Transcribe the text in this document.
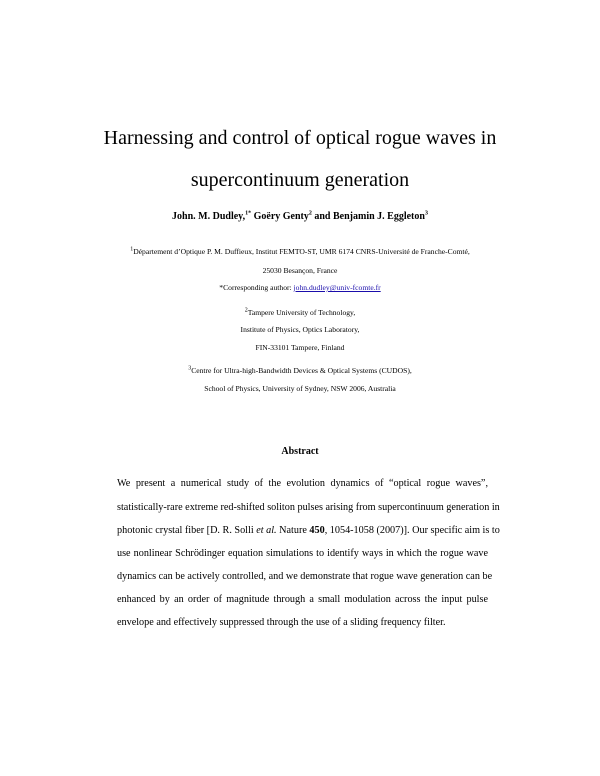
Harnessing and control of optical rogue waves in
supercontinuum generation
John. M. Dudley,$^{1*}$ Goëry Genty$^2$ and Benjamin J. Eggleton$^3$
$^1$Département d’Optique P. M. Duffieux, Institut FEMTO-ST, UMR 6174 CNRS-Université de Franche-Comté,
25030 Besançon, France
*Corresponding author: john.dudley@univ-fcomte.fr
$^2$Tampere University of Technology,
Institute of Physics, Optics Laboratory,
FIN-33101 Tampere, Finland
$^3$Centre for Ultra-high-Bandwidth Devices & Optical Systems (CUDOS),
School of Physics, University of Sydney, NSW 2006, Australia
Abstract
We present a numerical study of the evolution dynamics of “optical rogue waves”,
statistically-rare extreme red-shifted soliton pulses arising from supercontinuum generation in
photonic crystal fiber [D. R. Solli et al. Nature 450, 1054-1058 (2007)]. Our specific aim is to
use nonlinear Schrödinger equation simulations to identify ways in which the rogue wave
dynamics can be actively controlled, and we demonstrate that rogue wave generation can be
enhanced by an order of magnitude through a small modulation across the input pulse
envelope and effectively suppressed through the use of a sliding frequency filter.
